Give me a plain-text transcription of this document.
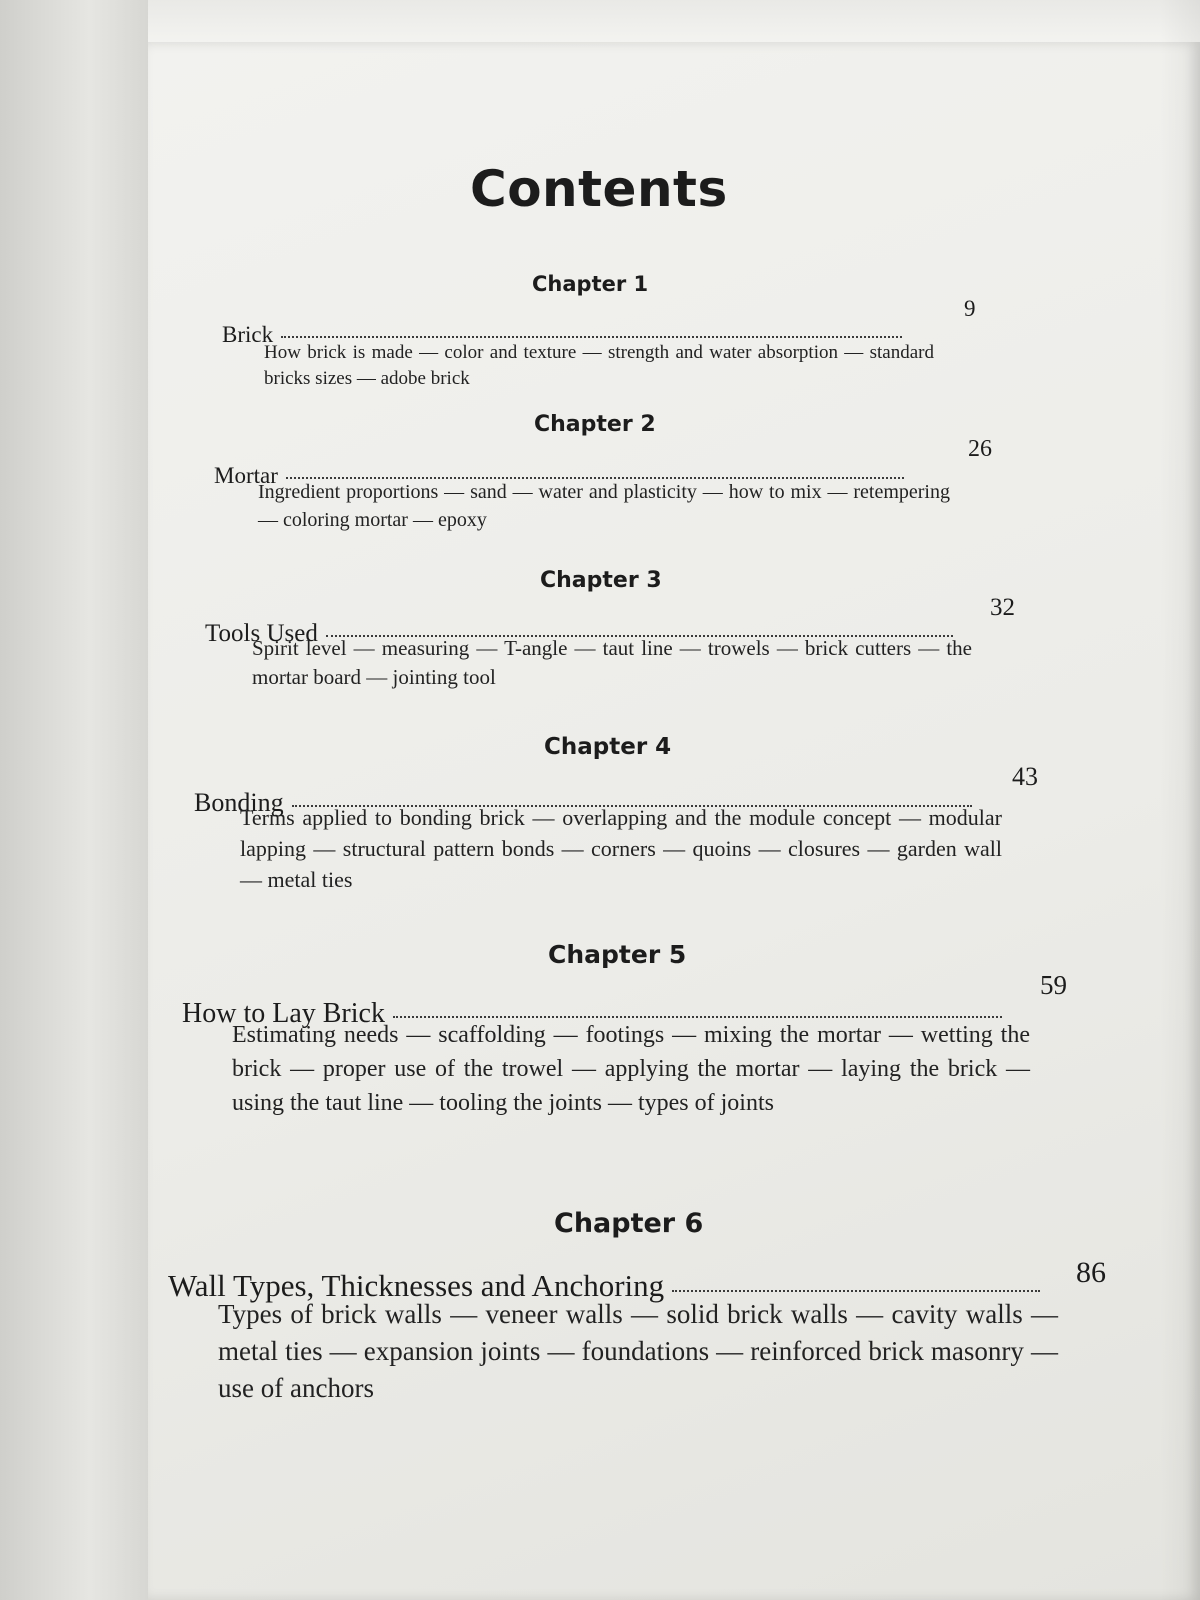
Contents
Chapter 1
Brick
9
How brick is made — color and texture — strength and water absorption — standard bricks sizes — adobe brick
Chapter 2
Mortar
26
Ingredient proportions — sand — water and plasticity — how to mix — retempering — coloring mortar — epoxy
Chapter 3
Tools Used
32
Spirit level — measuring — T-angle — taut line — trowels — brick cutters — the mortar board — jointing tool
Chapter 4
Bonding
43
Terms applied to bonding brick — overlapping and the module concept — modular lapping — structural pattern bonds — corners — quoins — closures — garden wall — metal ties
Chapter 5
How to Lay Brick
59
Estimating needs — scaffolding — footings — mixing the mortar — wetting the brick — proper use of the trowel — applying the mortar — laying the brick — using the taut line — tooling the joints — types of joints
Chapter 6
Wall Types, Thicknesses and Anchoring	86
Types of brick walls — veneer walls — solid brick walls — cavity walls — metal ties — expansion joints — foundations — reinforced brick masonry — use of anchors
